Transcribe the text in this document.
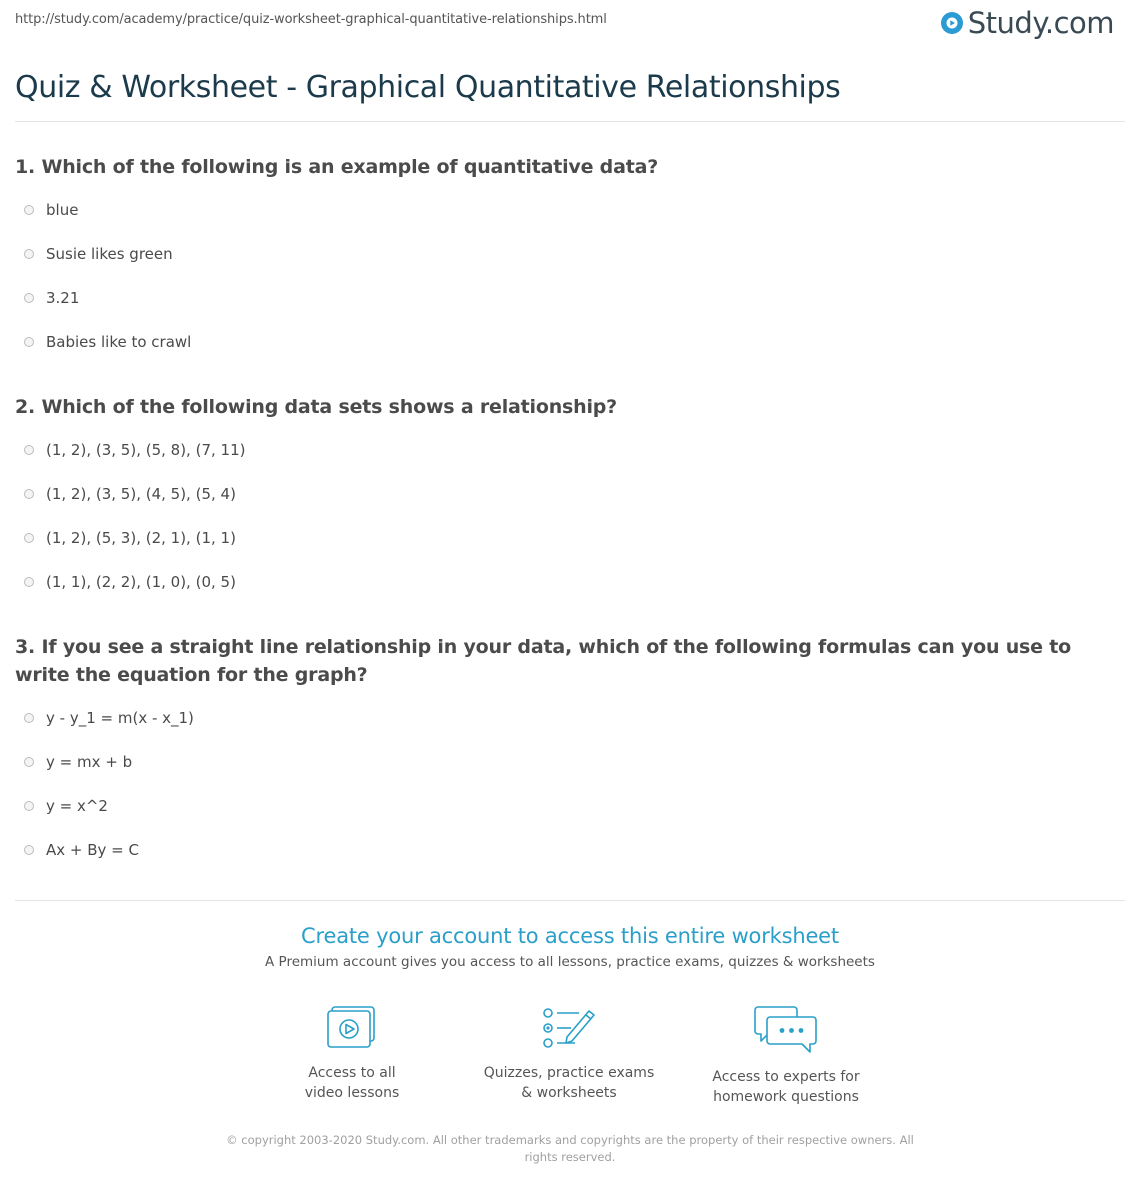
http://study.com/academy/practice/quiz-worksheet-graphical-quantitative-relationships.html	Study.com
Quiz & Worksheet - Graphical Quantitative Relationships
1. Which of the following is an example of quantitative data?
blue
Susie likes green
3.21
Babies like to crawl
2. Which of the following data sets shows a relationship?
(1, 2), (3, 5), (5, 8), (7, 11)
(1, 2), (3, 5), (4, 5), (5, 4)
(1, 2), (5, 3), (2, 1), (1, 1)
(1, 1), (2, 2), (1, 0), (0, 5)
3. If you see a straight line relationship in your data, which of the following formulas can you use to write the equation for the graph?
y - y_1 = m(x - x_1)
y = mx + b
y = x^2
Ax + By = C
Create your account to access this entire worksheet
A Premium account gives you access to all lessons, practice exams, quizzes & worksheets
Access to all
video lessons
Quizzes, practice exams
& worksheets
Access to experts for
homework questions
© copyright 2003-2020 Study.com. All other trademarks and copyrights are the property of their respective owners. All rights reserved.
